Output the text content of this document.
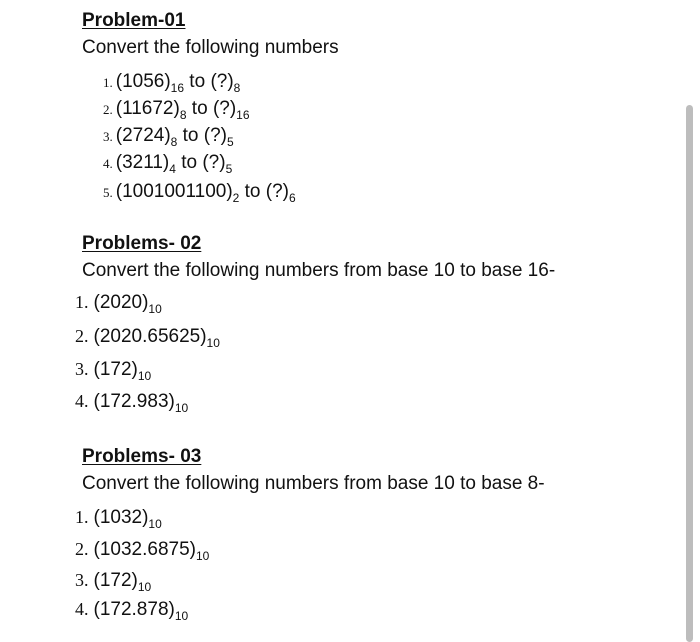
Problem-01
Convert the following numbers
1. $(1056)_{16}$ to $(?)_8$
2. $(11672)_8$ to $(?)_{16}$
3. $(2724)_8$ to $(?)_5$
4. $(3211)_4$ to $(?)_5$
5. $(1001001100)_2$ to $(?)_6$
Problems- 02
Convert the following numbers from base 10 to base 16-
1. $(2020)_{10}$
2. $(2020.65625)_{10}$
3. $(172)_{10}$
4. $(172.983)_{10}$
Problems- 03
Convert the following numbers from base 10 to base 8-
1. $(1032)_{10}$
2. $(1032.6875)_{10}$
3. $(172)_{10}$
4. $(172.878)_{10}$
